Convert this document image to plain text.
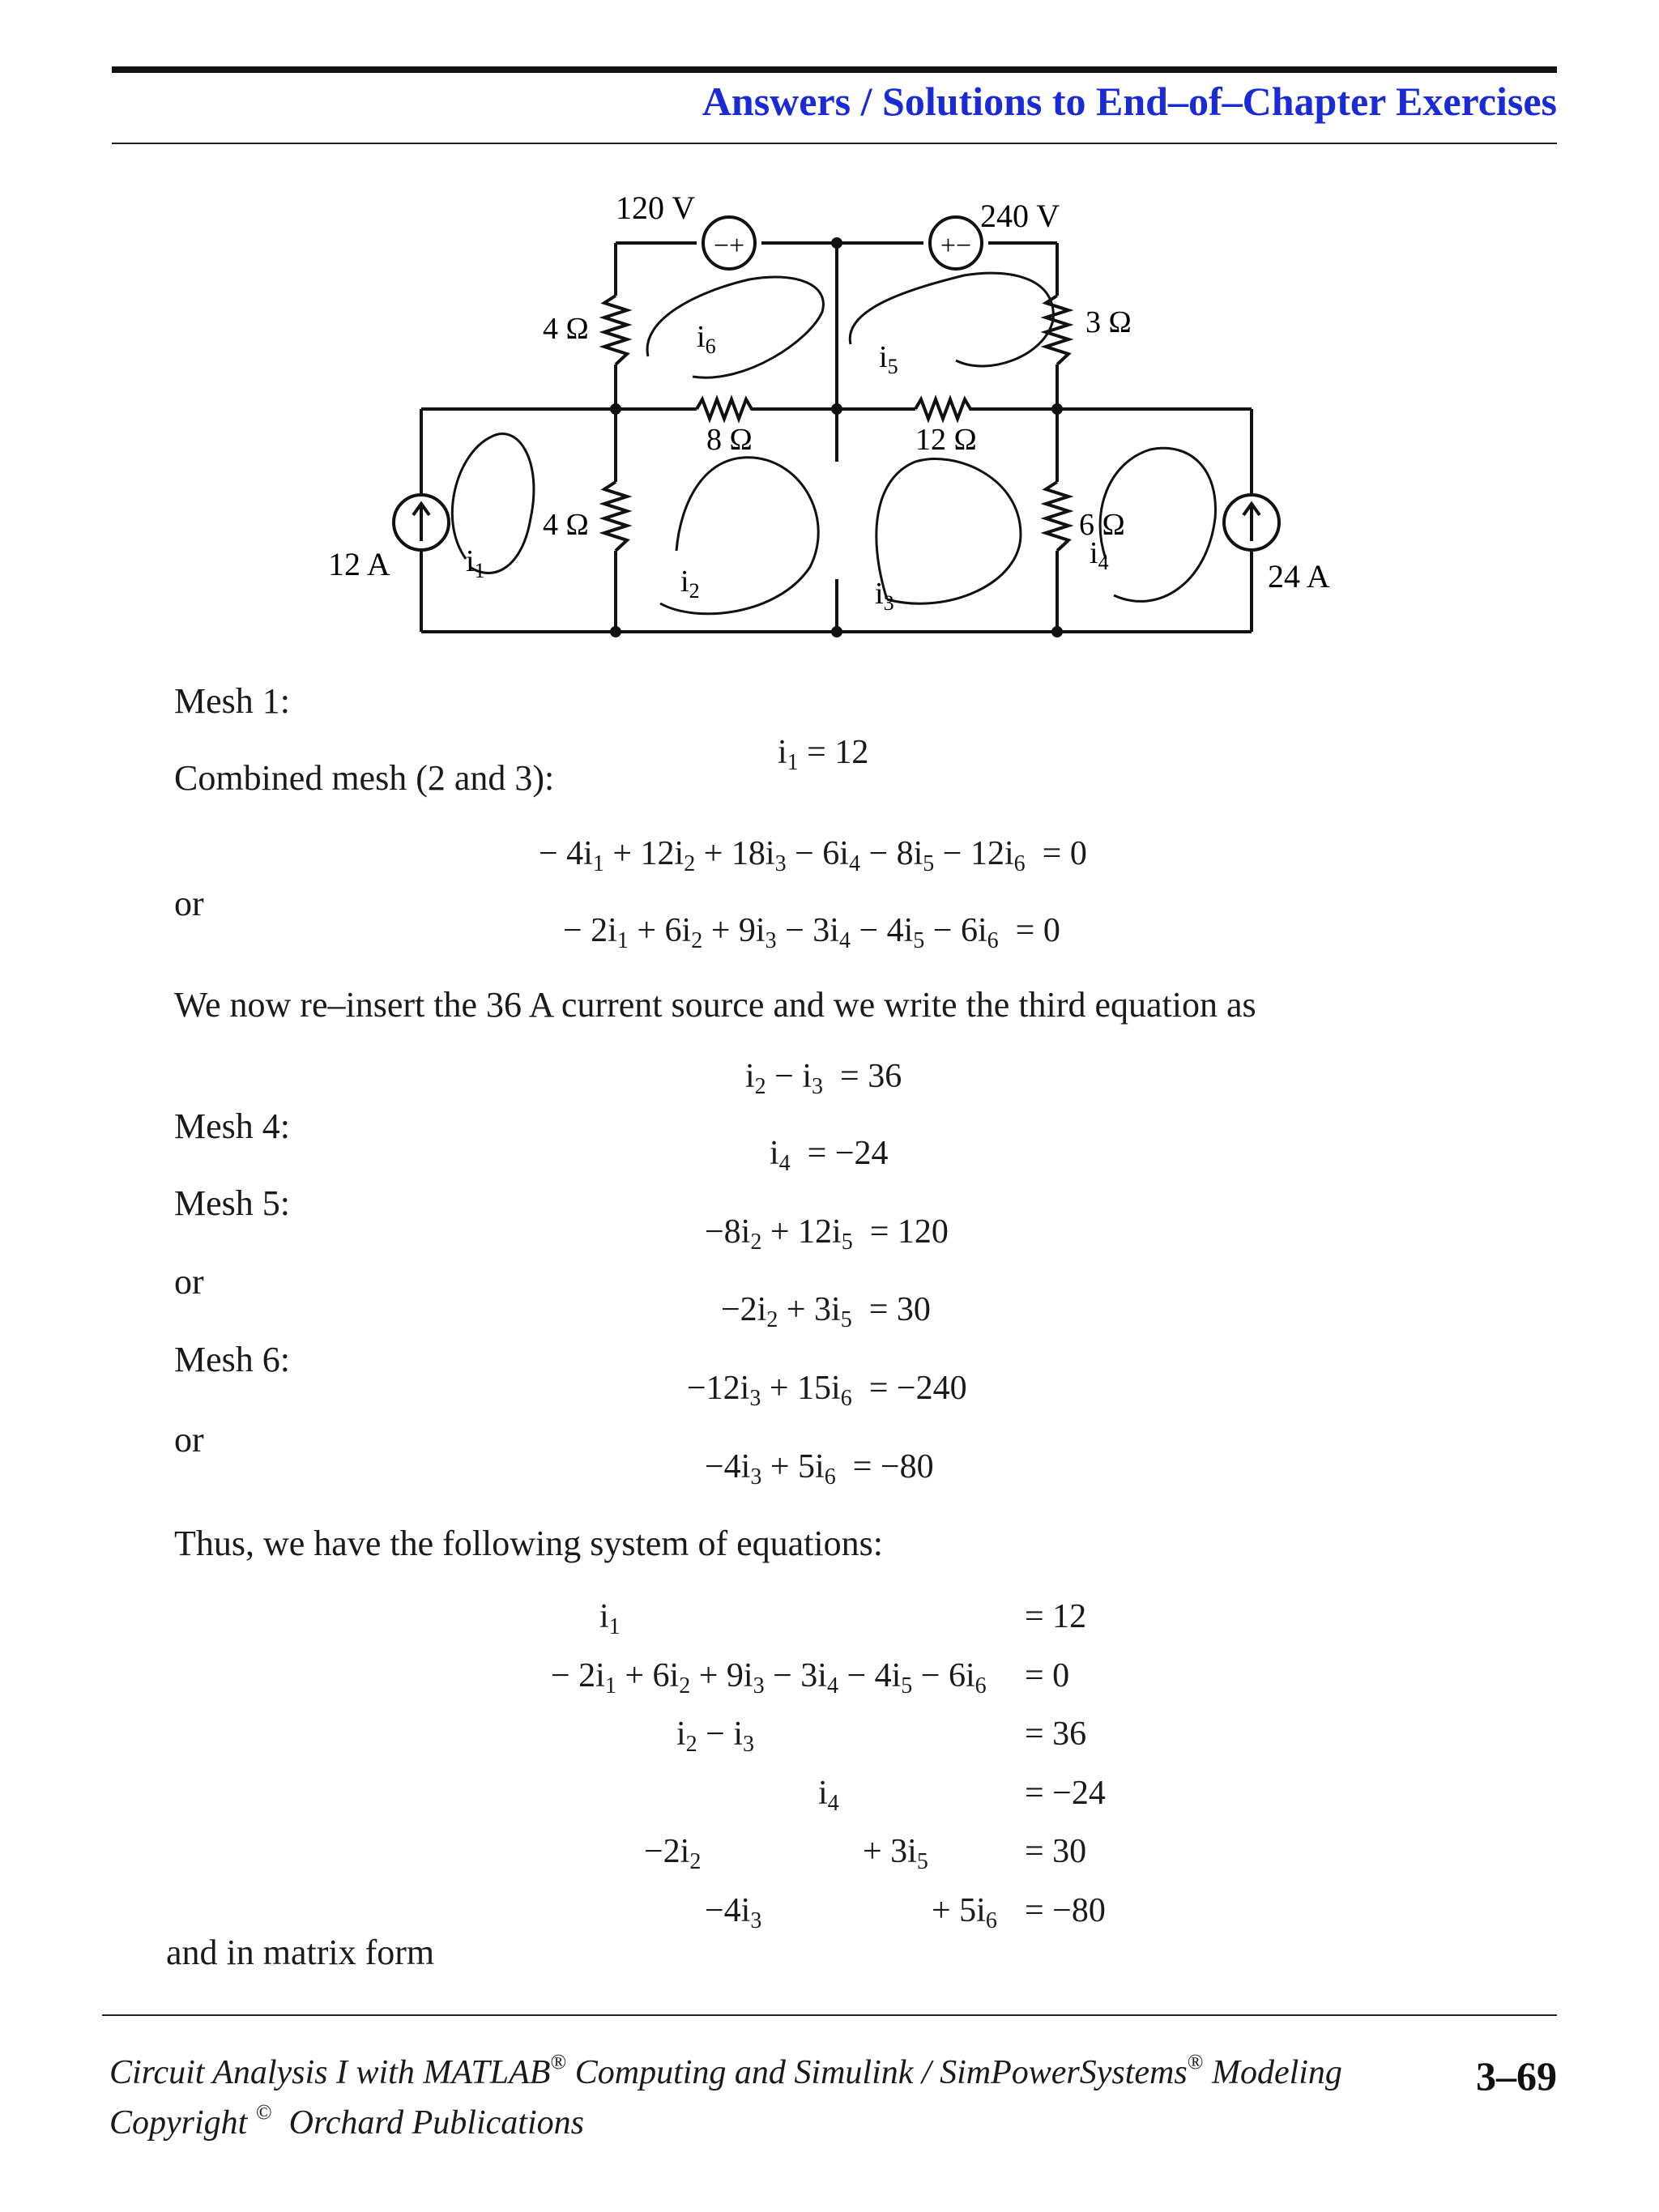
Answers / Solutions to End–of–Chapter Exercises
−+	+−
120 V	240 V
4 Ω	3 Ω
8 Ω	12 Ω
4 Ω	6 Ω
12 A	24 A
$i_1$	$i_2$	$i_3$
$i_4$
$i_5$
$i_6$
Mesh 1:
$i_1 = 12$
Combined mesh (2 and 3):
− $4i_1 + 12i_2 + 18i_3 - 6i_4 - 8i_5 - 12i_6 = 0$
or
− $2i_1 + 6i_2 + 9i_3 - 3i_4 - 4i_5 - 6i_6 = 0$
We now re–insert the 36 A current source and we write the third equation as
$i_2 - i_3 = 36$
Mesh 4:
$i_4 = -24$
Mesh 5:
$-8i_2 + 12i_5 = 120$
or
$-2i_2 + 3i_5 = 30$
Mesh 6:
$-12i_3 + 15i_6 = -240$
or
$-4i_3 + 5i_6 = -80$
Thus, we have the following system of equations:
$i_1$	= 12
− $2i_1 + 6i_2 + 9i_3 - 3i_4 - 4i_5 - 6i_6 = 0$
$i_2 - i_3$	= 36
$i_4$	= −24
$-2i_2$	+ $3i_5$	= 30
$-4i_3$	+ $5i_6 = -80$
and in matrix form
Circuit Analysis I with MATLAB® Computing and Simulink / SimPowerSystems® Modeling	3–69
Copyright © Orchard Publications
